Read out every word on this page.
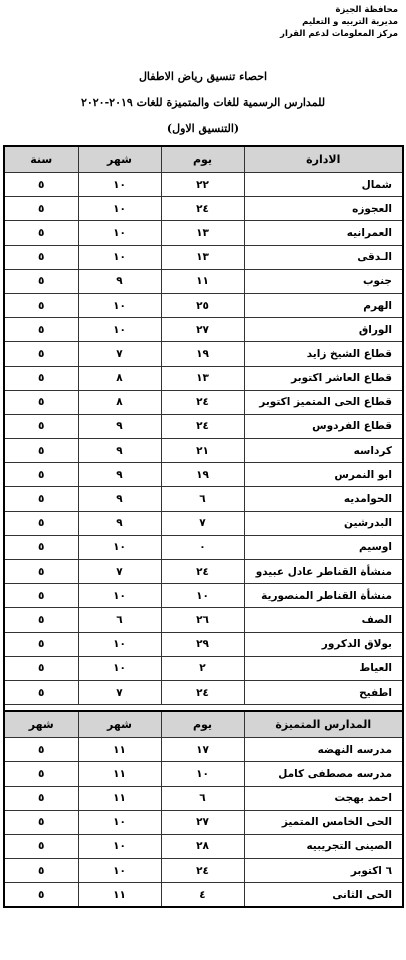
محافظة الجيزة
مديرية التربيه و التعليم
مركز المعلومات لدعم القرار
احصاء تنسيق رياض الاطفال
للمدارس الرسمية للغات والمتميزة للغات ٢٠١٩-٢٠٢٠
(التنسيق الاول)
الادارة	يوم	شهر	سنة
شمال	٢٢	١٠	٥
العجوزه	٢٤	١٠	٥
العمرانيه	١٣	١٠	٥
الـدقى	١٣	١٠	٥
جنوب	١١	٩	٥
الهرم	٢٥	١٠	٥
الوراق	٢٧	١٠	٥
قطاع الشيخ زايد	١٩	٧	٥
قطاع العاشر اكتوبر	١٣	٨	٥
قطاع الحى المتميز اكتوبر	٢٤	٨	٥
قطاع الفردوس	٢٤	٩	٥
كرداسه	٢١	٩	٥
ابو النمرس	١٩	٩	٥
الحوامديه	٦	٩	٥
البدرشين	٧	٩	٥
اوسيم	٠	١٠	٥
منشأة القناطر عادل عبيدو	٢٤	٧	٥
منشأة القناطر المنصورية	١٠	١٠	٥
الصف	٢٦	٦	٥
بولاق الدكرور	٢٩	١٠	٥
العياط	٢	١٠	٥
اطفيح	٢٤	٧	٥

المدارس المتميزة	يوم	شهر	شهر
مدرسه النهضه	١٧	١١	٥
مدرسه مصطفى كامل	١٠	١١	٥
احمد بهجت	٦	١١	٥
الحى الخامس المتميز	٢٧	١٠	٥
الصينى التجريبيه	٢٨	١٠	٥
٦ اكتوبر	٢٤	١٠	٥
الحى الثانى	٤	١١	٥
